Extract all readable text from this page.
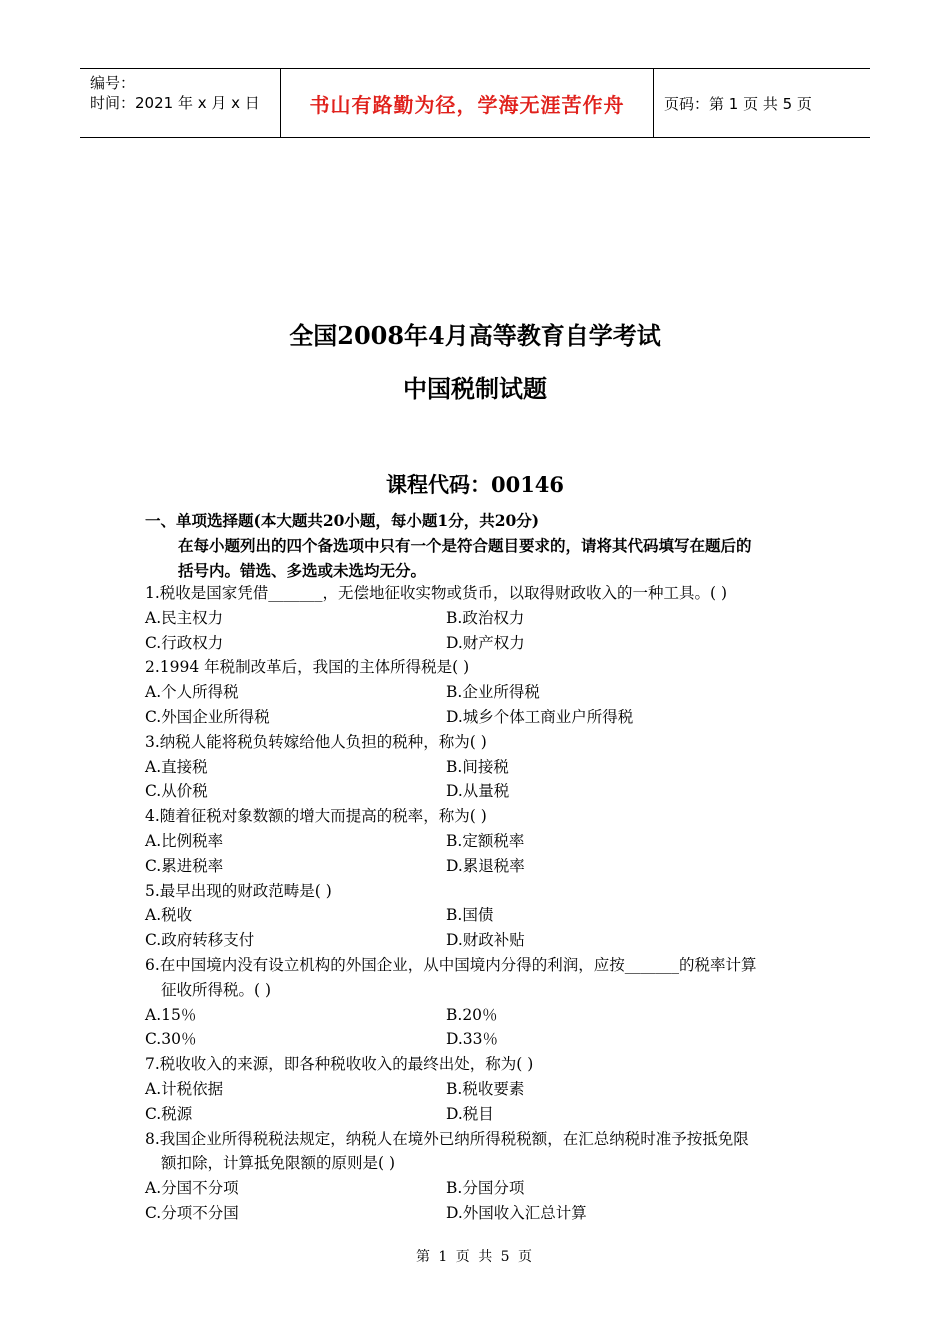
编号：
时间：2021 年 x 月 x 日	书山有路勤为径，学海无涯苦作舟	页码：第 1 页 共 5 页
全国2008年4月高等教育自学考试
中国税制试题
课程代码：00146
一、单项选择题(本大题共20小题，每小题1分，共20分)
在每小题列出的四个备选项中只有一个是符合题目要求的，请将其代码填写在题后的
括号内。错选、多选或未选均无分。
1.税收是国家凭借_______，无偿地征收实物或货币，以取得财政收入的一种工具。( )
A.民主权力	B.政治权力
C.行政权力	D.财产权力
2.1994 年税制改革后，我国的主体所得税是( )
A.个人所得税	B.企业所得税
C.外国企业所得税	D.城乡个体工商业户所得税
3.纳税人能将税负转嫁给他人负担的税种，称为( )
A.直接税	B.间接税
C.从价税	D.从量税
4.随着征税对象数额的增大而提高的税率，称为( )
A.比例税率	B.定额税率
C.累进税率	D.累退税率
5.最早出现的财政范畴是( )
A.税收	B.国债
C.政府转移支付	D.财政补贴
6.在中国境内没有设立机构的外国企业，从中国境内分得的利润，应按_______的税率计算
征收所得税。( )
A.15％	B.20％
C.30％	D.33％
7.税收收入的来源，即各种税收收入的最终出处，称为( )
A.计税依据	B.税收要素
C.税源	D.税目
8.我国企业所得税税法规定，纳税人在境外已纳所得税税额，在汇总纳税时准予按抵免限
额扣除，计算抵免限额的原则是( )
A.分国不分项	B.分国分项
C.分项不分国	D.外国收入汇总计算
第 1 页 共 5 页
